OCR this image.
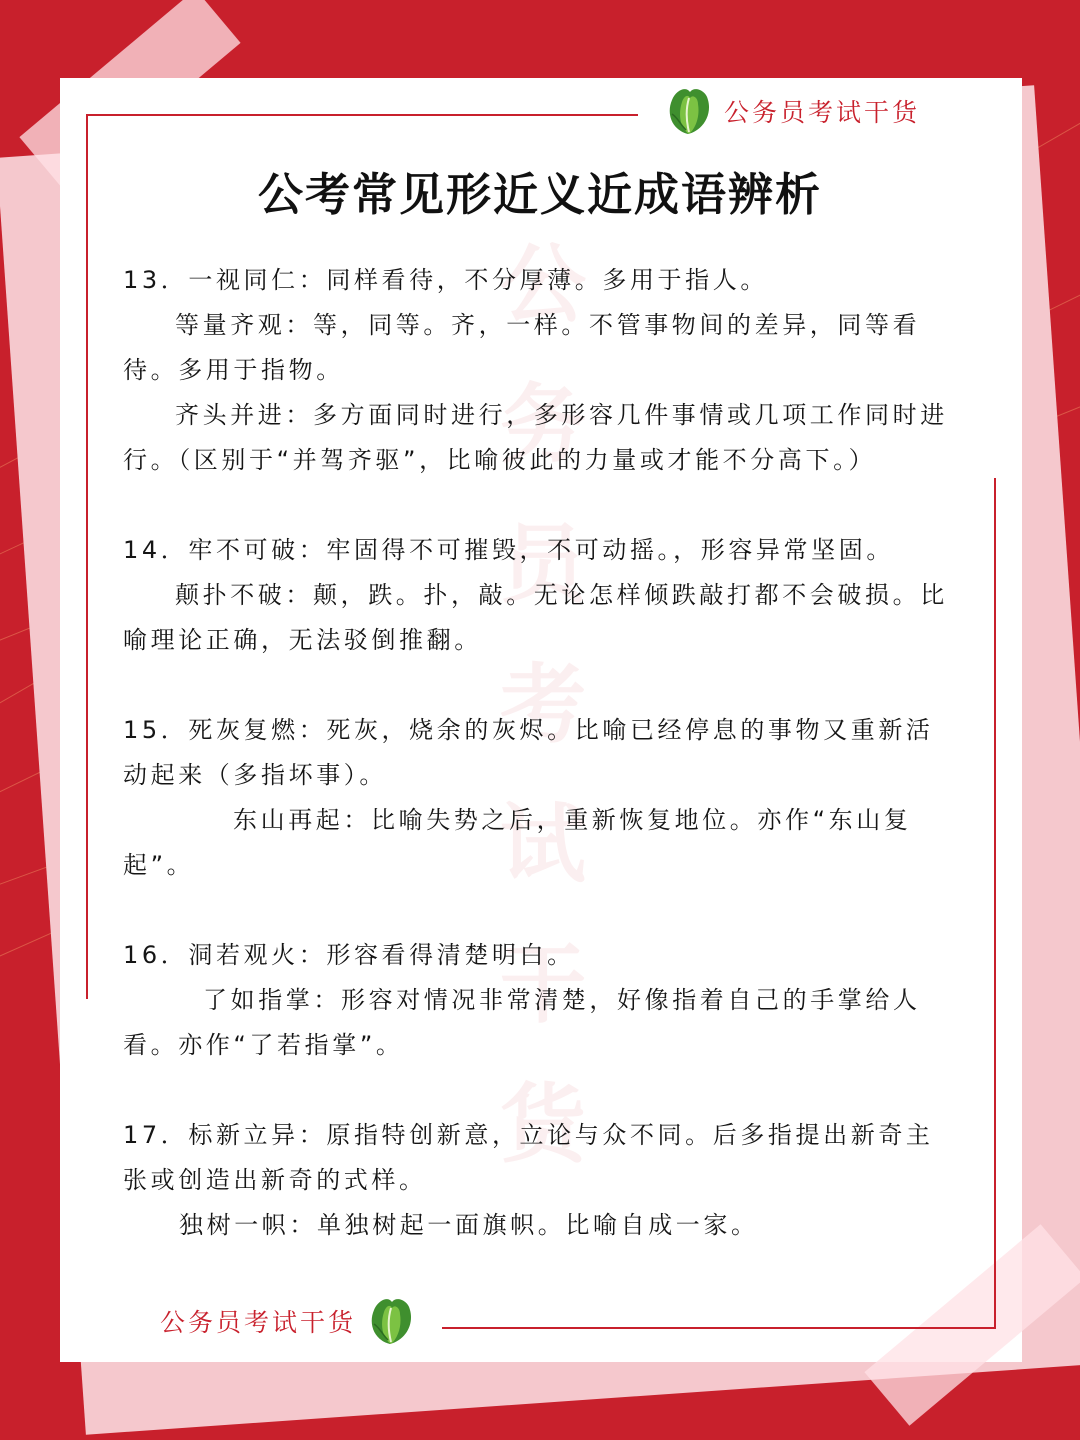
公务员考试干货
公考常见形近义近成语辨析
公务员考试干货

13．一视同仁：同样看待，不分厚薄。多用于指人。

等量齐观：等，同等。齐，一样。不管事物间的差异，同等看待。多用于指物。

齐头并进：多方面同时进行，多形容几件事情或几项工作同时进行。（区别于“并驾齐驱”，比喻彼此的力量或才能不分高下。）

14．牢不可破：牢固得不可摧毁，不可动摇。，形容异常坚固。

颠扑不破：颠，跌。扑，敲。无论怎样倾跌敲打都不会破损。比喻理论正确，无法驳倒推翻。

15．死灰复燃：死灰，烧余的灰烬。比喻已经停息的事物又重新活动起来（多指坏事）。

东山再起：比喻失势之后，重新恢复地位。亦作“东山复起”。

16．洞若观火：形容看得清楚明白。

了如指掌：形容对情况非常清楚，好像指着自己的手掌给人看。亦作“了若指掌”。

17．标新立异：原指特创新意，立论与众不同。后多指提出新奇主张或创造出新奇的式样。

独树一帜：单独树起一面旗帜。比喻自成一家。

公务员考试干货
